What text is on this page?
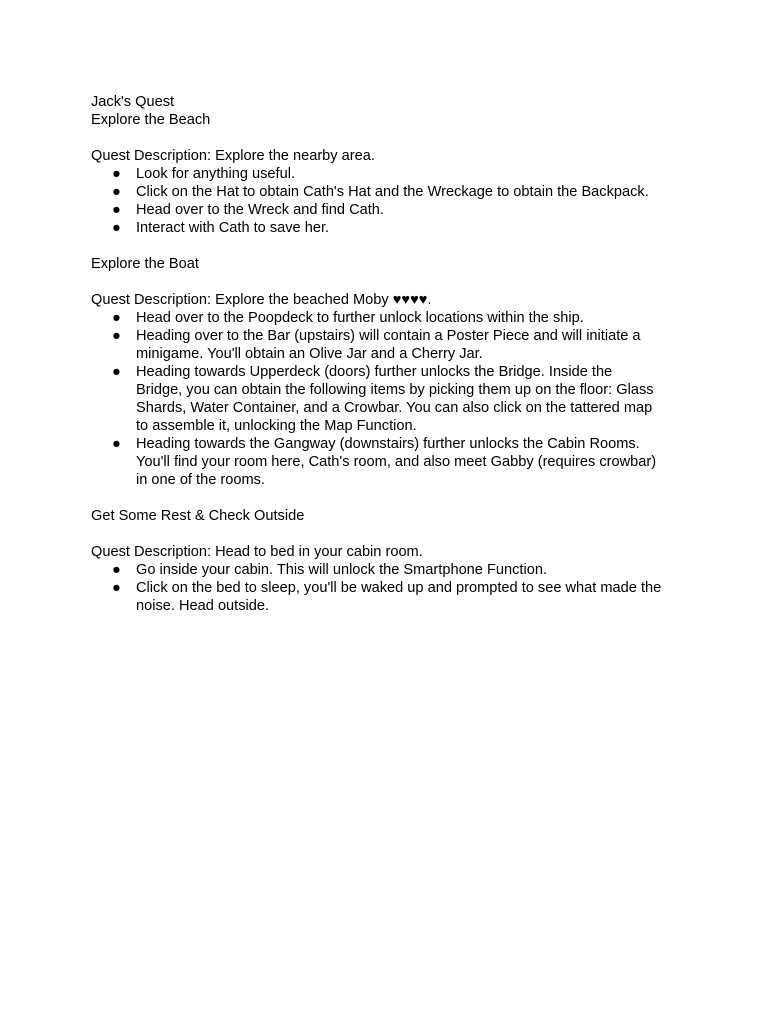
Jack's Quest

Explore the Beach

Quest Description: Explore the nearby area.

● Look for anything useful.
● Click on the Hat to obtain Cath's Hat and the Wreckage to obtain the Backpack.
● Head over to the Wreck and find Cath.
● Interact with Cath to save her.

Explore the Boat

Quest Description: Explore the beached Moby ♥♥♥♥.

● Head over to the Poopdeck to further unlock locations within the ship.
● Heading over to the Bar (upstairs) will contain a Poster Piece and will initiate a
minigame. You'll obtain an Olive Jar and a Cherry Jar.
● Heading towards Upperdeck (doors) further unlocks the Bridge. Inside the
Bridge, you can obtain the following items by picking them up on the floor: Glass
Shards, Water Container, and a Crowbar. You can also click on the tattered map
to assemble it, unlocking the Map Function.
● Heading towards the Gangway (downstairs) further unlocks the Cabin Rooms.
You'll find your room here, Cath's room, and also meet Gabby (requires crowbar)
in one of the rooms.

Get Some Rest & Check Outside

Quest Description: Head to bed in your cabin room.

● Go inside your cabin. This will unlock the Smartphone Function.
● Click on the bed to sleep, you'll be waked up and prompted to see what made the
noise. Head outside.
